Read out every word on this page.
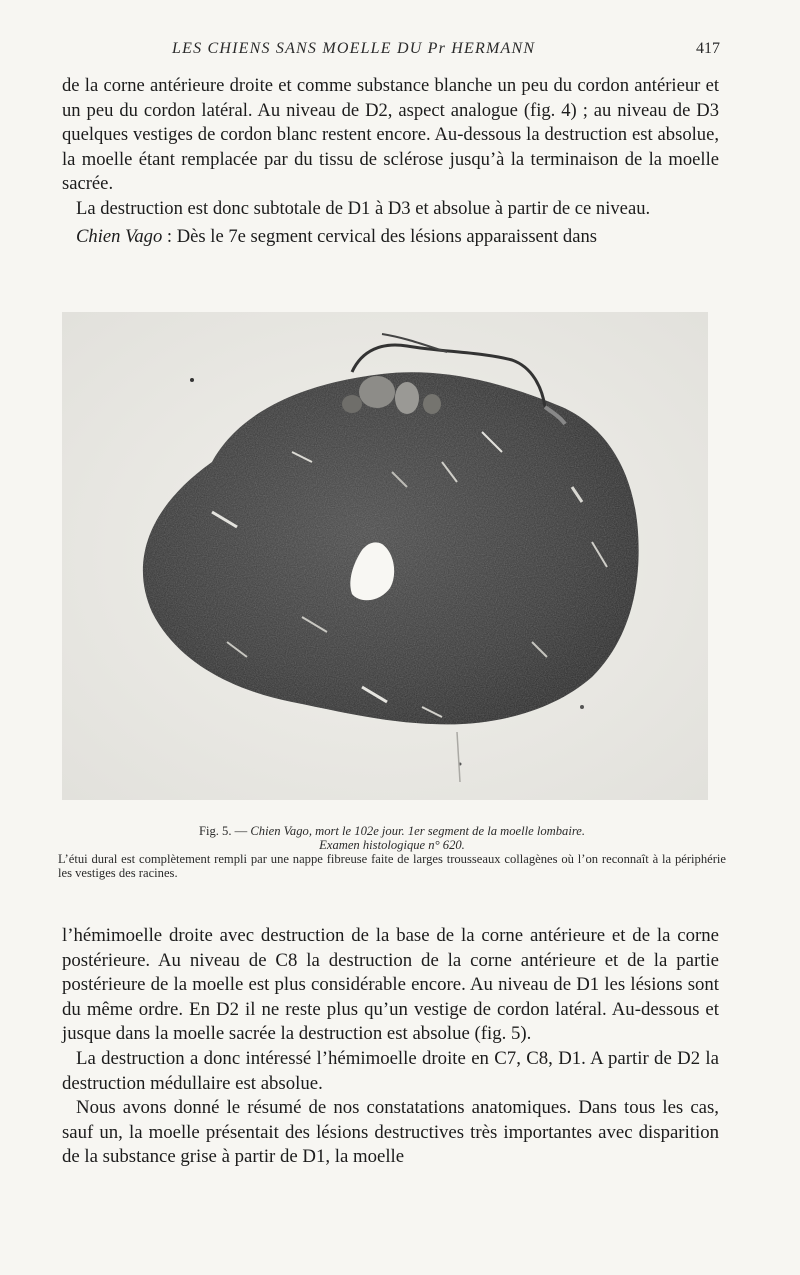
LES CHIENS SANS MOELLE DU Pr HERMANN	417

de la corne antérieure droite et comme substance blanche un peu du cordon antérieur et un peu du cordon latéral. Au niveau de D2, aspect analogue (fig. 4) ; au niveau de D3 quelques vestiges de cordon blanc restent encore. Au-dessous la destruction est absolue, la moelle étant remplacée par du tissu de sclérose jusqu’à la terminaison de la moelle sacrée.

La destruction est donc subtotale de D1 à D3 et absolue à partir de ce niveau.

Chien Vago : Dès le 7e segment cervical des lésions apparaissent dans

Fig. 5. — Chien Vago, mort le 102e jour. 1er segment de la moelle lombaire.
Examen histologique n° 620.

L’étui dural est complètement rempli par une nappe fibreuse faite de larges trousseaux collagènes où l’on reconnaît à la périphérie les vestiges des racines.

l’hémimoelle droite avec destruction de la base de la corne antérieure et de la corne postérieure. Au niveau de C8 la destruction de la corne antérieure et de la partie postérieure de la moelle est plus considérable encore. Au niveau de D1 les lésions sont du même ordre. En D2 il ne reste plus qu’un vestige de cordon latéral. Au-dessous et jusque dans la moelle sacrée la destruction est absolue (fig. 5).

La destruction a donc intéressé l’hémimoelle droite en C7, C8, D1. A partir de D2 la destruction médullaire est absolue.

Nous avons donné le résumé de nos constatations anatomiques. Dans tous les cas, sauf un, la moelle présentait des lésions destructives très importantes avec disparition de la substance grise à partir de D1, la moelle
